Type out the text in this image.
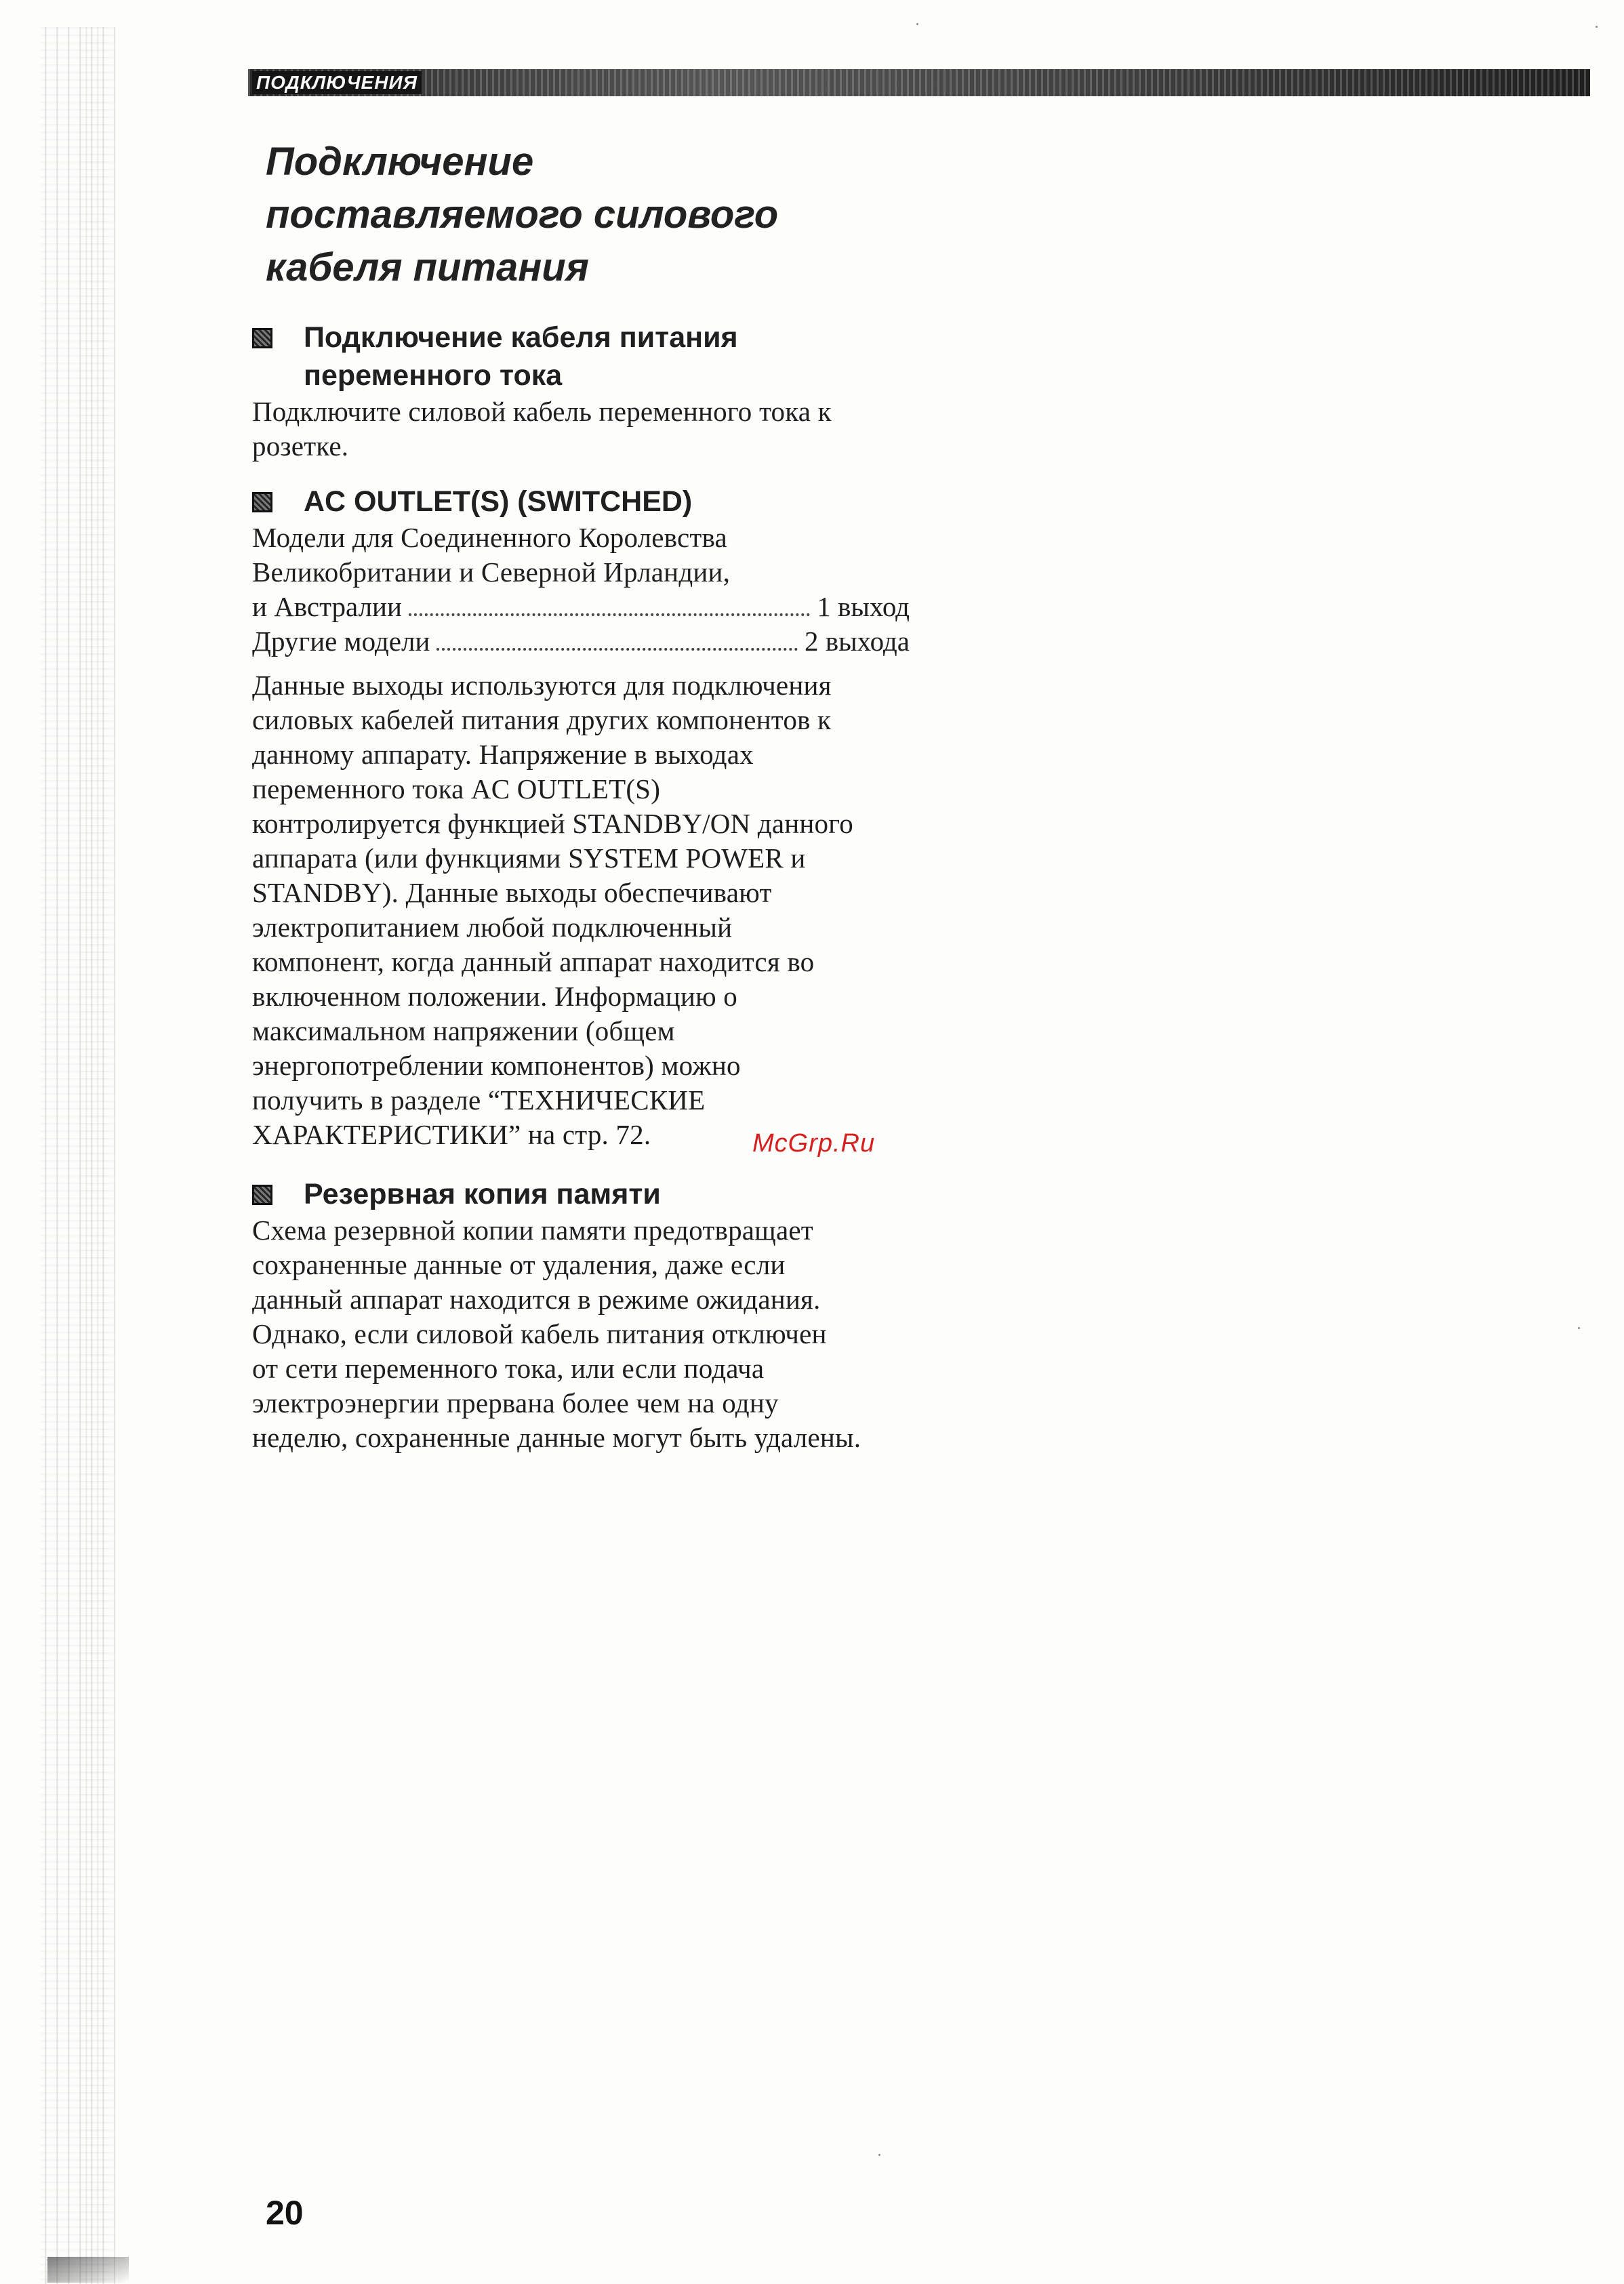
ПОДКЛЮЧЕНИЯ
Подключение
поставляемого силового
кабеля питания
Подключение кабеля питания
переменного тока

Подключите силовой кабель переменного тока к
розетке.

AC OUTLET(S) (SWITCHED)

Модели для Соединенного Королевства
Великобритании и Северной Ирландии,

и Австралии	1 выход
Другие модели	2 выхода

Данные выходы используются для подключения
силовых кабелей питания других компонентов к
данному аппарату. Напряжение в выходах
переменного тока AC OUTLET(S)
контролируется функцией STANDBY/ON данного
аппарата (или функциями SYSTEM POWER и
STANDBY). Данные выходы обеспечивают
электропитанием любой подключенный
компонент, когда данный аппарат находится во
включенном положении. Информацию о
максимальном напряжении (общем
энергопотреблении компонентов) можно
получить в разделе “ТЕХНИЧЕСКИЕ
ХАРАКТЕРИСТИКИ” на стр. 72.	McGrp.Ru
Резервная копия памяти

Схема резервной копии памяти предотвращает
сохраненные данные от удаления, даже если
данный аппарат находится в режиме ожидания.
Однако, если силовой кабель питания отключен
от сети переменного тока, или если подача
электроэнергии прервана более чем на одну
неделю, сохраненные данные могут быть удалены.

20
